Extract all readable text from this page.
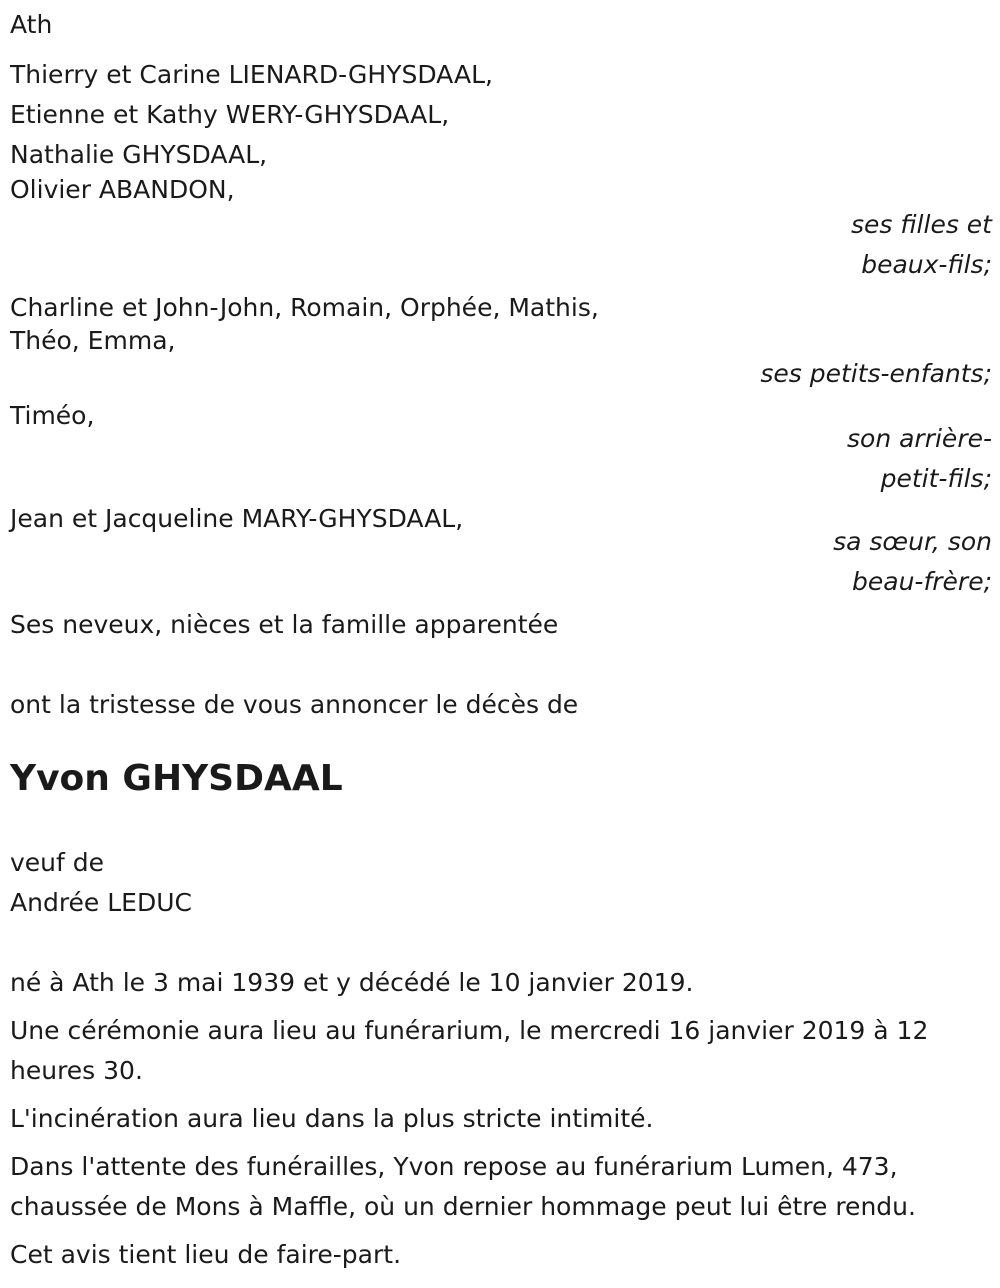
Ath
Thierry et Carine LIENARD-GHYSDAAL,
Etienne et Kathy WERY-GHYSDAAL,
Nathalie GHYSDAAL,
Olivier ABANDON,
ses filles et
beaux-fils;
Charline et John-John, Romain, Orphée, Mathis,
Théo, Emma,
ses petits-enfants;
Timéo,
son arrière-
petit-fils;
Jean et Jacqueline MARY-GHYSDAAL,
sa sœur, son
beau-frère;
Ses neveux, nièces et la famille apparentée
ont la tristesse de vous annoncer le décès de
Yvon GHYSDAAL
veuf de
Andrée LEDUC
né à Ath le 3 mai 1939 et y décédé le 10 janvier 2019.
Une cérémonie aura lieu au funérarium, le mercredi 16 janvier 2019 à 12
heures 30.
L'incinération aura lieu dans la plus stricte intimité.
Dans l'attente des funérailles, Yvon repose au funérarium Lumen, 473,
chaussée de Mons à Maffle, où un dernier hommage peut lui être rendu.
Cet avis tient lieu de faire-part.
